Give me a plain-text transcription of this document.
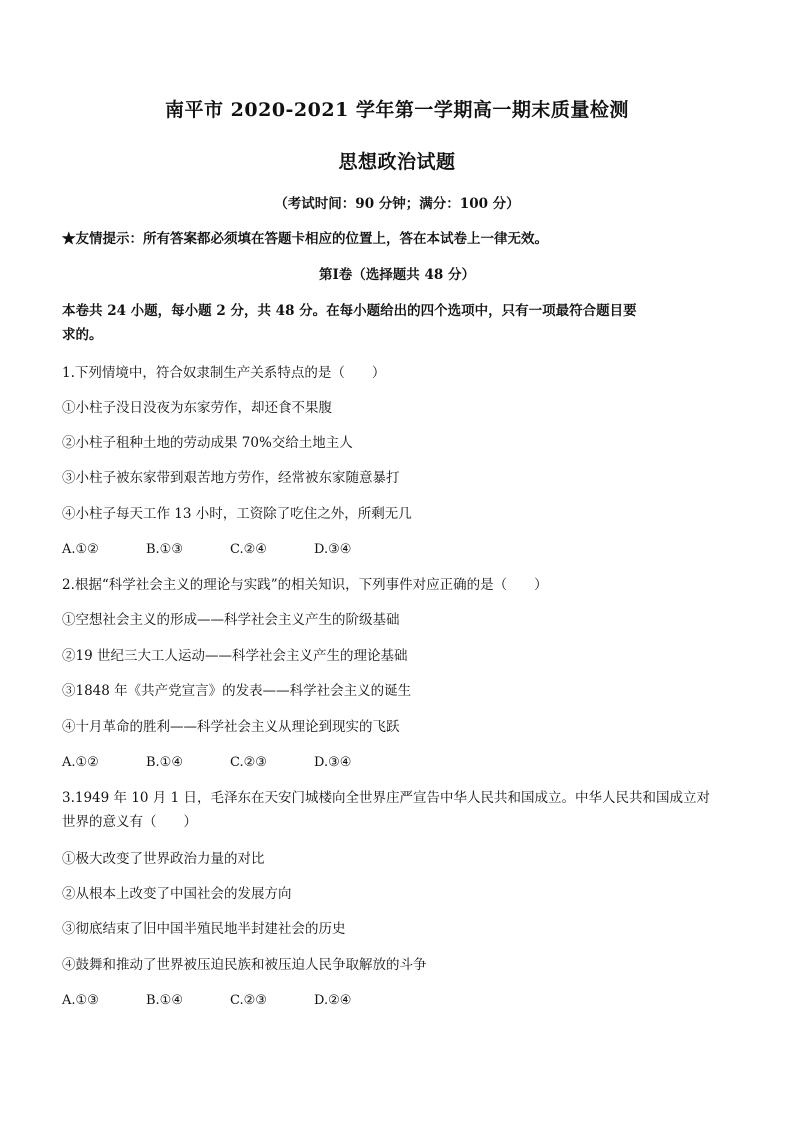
南平市 2020-2021 学年第一学期高一期末质量检测
思想政治试题
（考试时间：90 分钟；满分：100 分）
★友情提示：所有答案都必须填在答题卡相应的位置上，答在本试卷上一律无效。
第Ⅰ卷（选择题共 48 分）
本卷共 24 小题，每小题 2 分，共 48 分。在每小题给出的四个选项中，只有一项最符合题目要
求的。
1.下列情境中，符合奴隶制生产关系特点的是（　　）
①小柱子没日没夜为东家劳作，却还食不果腹
②小柱子租种土地的劳动成果 70%交给土地主人
③小柱子被东家带到艰苦地方劳作，经常被东家随意暴打
④小柱子每天工作 13 小时，工资除了吃住之外，所剩无几
A.①②	B.①③	C.②④	D.③④
2.根据“科学社会主义的理论与实践”的相关知识，下列事件对应正确的是（　　）
①空想社会主义的形成——科学社会主义产生的阶级基础
②19 世纪三大工人运动——科学社会主义产生的理论基础
③1848 年《共产党宣言》的发表——科学社会主义的诞生
④十月革命的胜利——科学社会主义从理论到现实的飞跃
A.①②	B.①④	C.②③	D.③④
3.1949 年 10 月 1 日，毛泽东在天安门城楼向全世界庄严宣告中华人民共和国成立。中华人民共和国成立对
世界的意义有（　　）
①极大改变了世界政治力量的对比
②从根本上改变了中国社会的发展方向
③彻底结束了旧中国半殖民地半封建社会的历史
④鼓舞和推动了世界被压迫民族和被压迫人民争取解放的斗争
A.①③	B.①④	C.②③	D.②④
